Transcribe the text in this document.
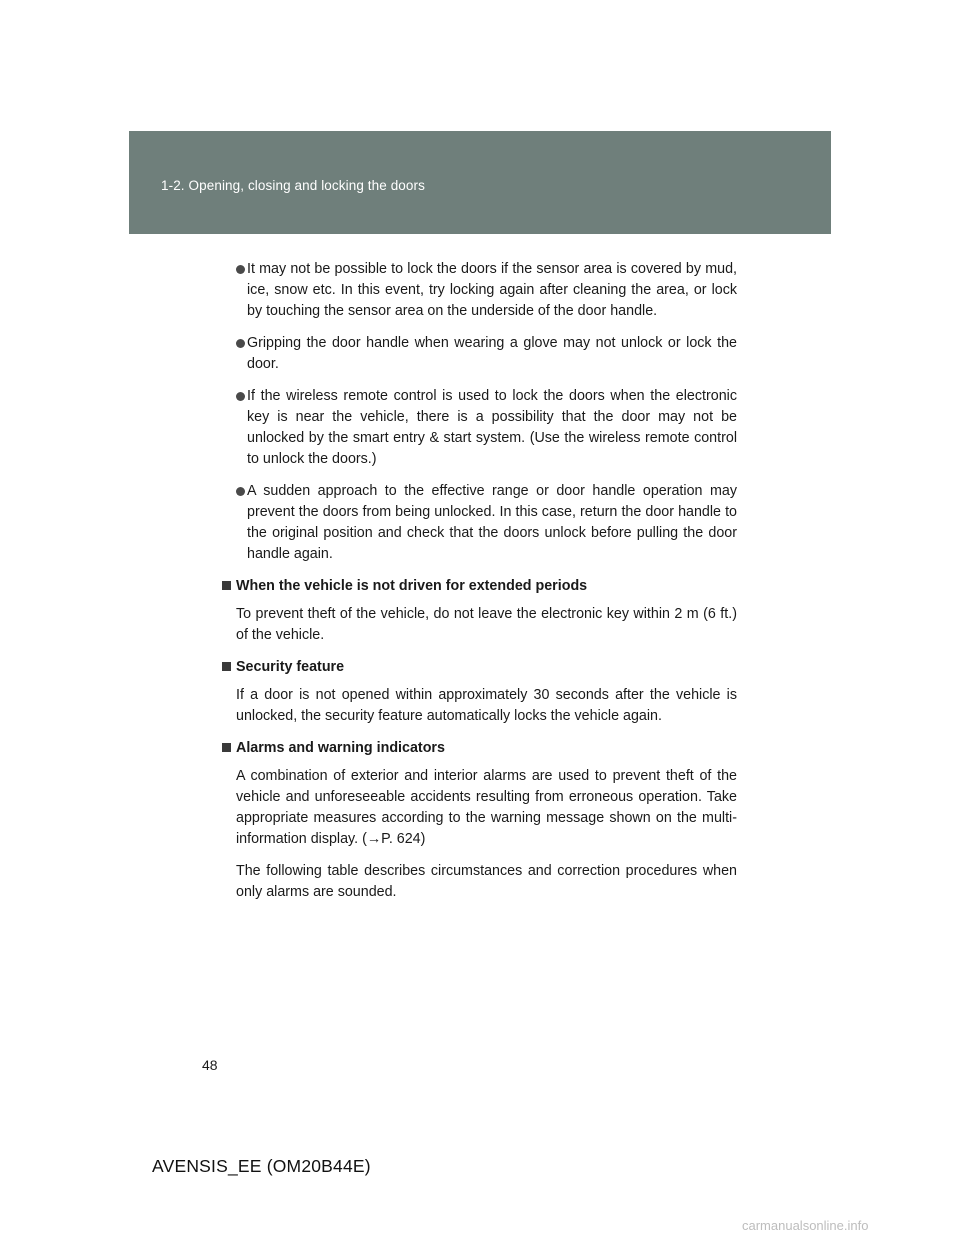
1-2. Opening, closing and locking the doors
It may not be possible to lock the doors if the sensor area is covered by mud, ice, snow etc. In this event, try locking again after cleaning the area, or lock by touching the sensor area on the underside of the door handle.
Gripping the door handle when wearing a glove may not unlock or lock the door.
If the wireless remote control is used to lock the doors when the electronic key is near the vehicle, there is a possibility that the door may not be unlocked by the smart entry & start system. (Use the wireless remote control to unlock the doors.)
A sudden approach to the effective range or door handle operation may prevent the doors from being unlocked. In this case, return the door handle to the original position and check that the doors unlock before pulling the door handle again.
When the vehicle is not driven for extended periods
To prevent theft of the vehicle, do not leave the electronic key within 2 m (6 ft.) of the vehicle.
Security feature
If a door is not opened within approximately 30 seconds after the vehicle is unlocked, the security feature automatically locks the vehicle again.
Alarms and warning indicators
A combination of exterior and interior alarms are used to prevent theft of the vehicle and unforeseeable accidents resulting from erroneous operation. Take appropriate measures according to the warning message shown on the multi-information display. (→P. 624)
The following table describes circumstances and correction procedures when only alarms are sounded.
48
AVENSIS_EE (OM20B44E)
carmanualsonline.info
